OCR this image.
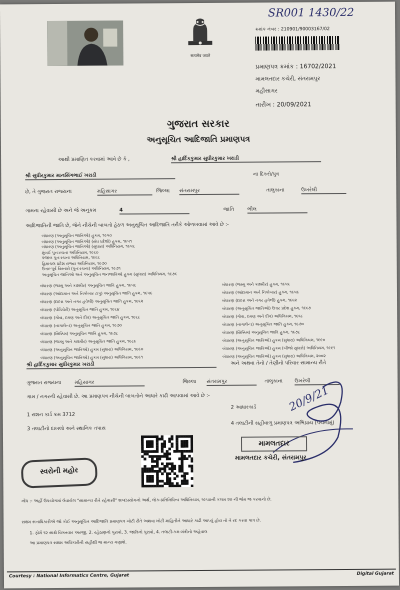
SR001 1430/22
सत्यमेव जयते
ક્રમાંક નંબર : 210901/90003167/02
પ્રમાણપત્ર ક્રમાંક : 16702/2021
મામલતદાર કચેરી, સંતરામપુર
મહીસાગર
તારીખ : 20/09/2021
ગુજરાત સરકાર
અનુસૂચિત આદિજાતિ પ્રમાણપત્ર
આથી પ્રમાણિત કરવામાં આવે છે કે ,	શ્રી હાર્દિકકુમાર સુધીરકુમાર ખરાડી
શ્રી સુધીરકુમાર માનસિંગભાઈ ખરાડી	ના દિકરો/પુત્ર
છે, તે ગુજરાત રાજ્યના	મહિસાગર	જિલ્લા સંતરામપુર	તાલુકાના	ઉખરેલી
ગામના રહેવાસી છે અને જે અનુક્રમ	4	જાતિ	ભીલ
આદિજાતિની જાતિ છે, જેને નીચેની બાબતો હેઠળ અનુસૂચિત આદિજાતિ તરીકે ઓળખવામાં આવે છે :-
બંધારણ (અનુસૂચિત જાતિઓ) હુકમ, ૧૯૫૦
બંધારણ (અનુસૂચિત જાતિઓ) (સંઘ પ્રદેશો) હુકમ, ૧૯૫૧
બંધારણ (અનુસૂચિત જાતિઓ) (સુધારા) અધિનિયમ, ૧૯૫૬
મુંબઈ પુનઃરચના અધિનિયમ, ૧૯૬૦
પંજાબ પુનઃરચના અધિનિયમ, ૧૯૬૬
હિમાચલ પ્રદેશ રાજ્ય અધિનિયમ, ૧૯૭૦
ઉત્તર-પૂર્વ વિસ્તારો (પુનઃરચના) અધિનિયમ, ૧૯૭૧
અનુસૂચિત જાતિઓ અને અનુસૂચિત જનજાતિઓ હુકમ (સુધારા) અધિનિયમ, ૧૯૭૬
બંધારણ (જમ્મુ અને કાશ્મીર) અનુસૂચિત જાતિ હુકમ, ૧૯૫૬
બંધારણ (આંદામાન અને નિકોબાર ટાપુ) અનુસૂચિત જાતિ હુકમ, ૧૯૫૯
બંધારણ (દાદરા અને નગર હવેલી) અનુસૂચિત જાતિ હુકમ, ૧૯૬૨
બંધારણ (પોંડિચેરી) અનુસૂચિત જાતિ હુકમ, ૧૯૬૪
બંધારણ (ગોવા, દમણ અને દીવ) અનુસૂચિત જાતિ હુકમ, ૧૯૬૮
બંધારણ (નાગાલેન્ડ) અનુસૂચિત જાતિ હુકમ, ૧૯૭૦
બંધારણ (સિક્કિમ) અનુસૂચિત જાતિ હુકમ, ૧૯૭૮
બંધારણ (જમ્મુ અને કાશ્મીર) અનુસૂચિત જાતિ હુકમ, ૧૯૮૯
બંધારણ (અનુસૂચિત જાતિઓ) હુકમ (સુધારા) અધિનિયમ, ૧૯૯૦
બંધારણ (અનુસૂચિત જાતિઓ) હુકમ (સુધારા) અધિનિયમ, ૧૯૯૧
બંધારણ (જમ્મુ અને કાશ્મીર) હુકમ, ૧૯૫૬
બંધારણ (આંદામાન અને નિકોબાર) હુકમ, ૧૯૫૯
બંધારણ (દાદરા અને નગર હવેલી) હુકમ, ૧૯૬૨
બંધારણ (અનુસૂચિત જાતિઓ) ઉત્તર પ્રદેશ હુકમ, ૧૯૬૭
બંધારણ (ગોવા, દમણ અને દીવ) અધિનિયમ, ૧૯૬૮
બંધારણ (નાગાલેન્ડ) અનુસૂચિત જાતિ હુકમ, ૧૯૭૦
બંધારણ (સિક્કિમ) અનુસૂચિત જાતિ હુકમ, ૧૯૭૮
બંધારણ (અનુસૂચિત જાતિઓ) હુકમ (સુધારા) અધિનિયમ, ૧૯૯૦
બંધારણ (અનુસૂચિત જાતિઓ) હુકમ (બીજો સુધારો) અધિનિયમ, ૧૯૯૧
બંધારણ (અનુસૂચિત જાતિઓ) હુકમ (સુધારા) અધિનિયમ, ૨૦૦૨
શ્રી હાર્દિકકુમાર સુધીરકુમાર ખરાડી	અને અથવા તેનો / તેણીનો પરિવાર સામાન્ય રીતે
ગુજરાત રાજ્યના	મહિસાગર	જિલ્લા સંતરામપુર	તાલુકાના ઉખરેલી
ગામ / નગરની રહેવાસી છે. આ પ્રમાણપત્ર નીચેની બાબતોને આધારે કાઢી આપવામાં આવે છે :-
1 રાશન કાર્ડ ક્રમ 3712
2 આધારકાર્ડ
3 તલાટીનો દાખલો અને સ્થાનિક તપાસ
4 તલાટીની સહીવાળુ પ્રમાણપત્ર અભિપ્રાય (પંચનામું)
20/9/21
સ્વરોની મહોર
મામલતદાર
મામલતદાર કચેરી, સંતરામપુર
નોંધ :- અહીં ઉપયોગમાં લેવાયેલ "સામાન્ય રીતે રહેવાસી" શબ્દપ્રયોગનો અર્થ, લોક-પ્રતિનિધિત્વ અધિનિયમ, ૧૯૫૦ની કલમ ૨૦ ની જેમ જ કરવાનો છે.
સક્ષમ સત્તાધિકારીએ જો કોઈ અનુસૂચિત આદિજાતિ પ્રમાણપત્ર ખોટી રીતે અથવા ખોટી માહિતીને આધારે કાઢી આપ્યું હોય તો તે રદ કરવા પાત્ર છે.
1. ફોર્મ ૧૨ સાથે વિગતવાર અરજી, 2. રહેઠાણનો પુરાવો, 3. જાતિનો પુરાવો, 4. તલાટી-કમ-મંત્રીનો અહેવાલ
આ પ્રમાણપત્ર સક્ષમ અધિકારીની સહીથી જ માન્ય ગણાશે.
Courtesy : National Informatics Centre, Gujarat	Digital Gujarat
